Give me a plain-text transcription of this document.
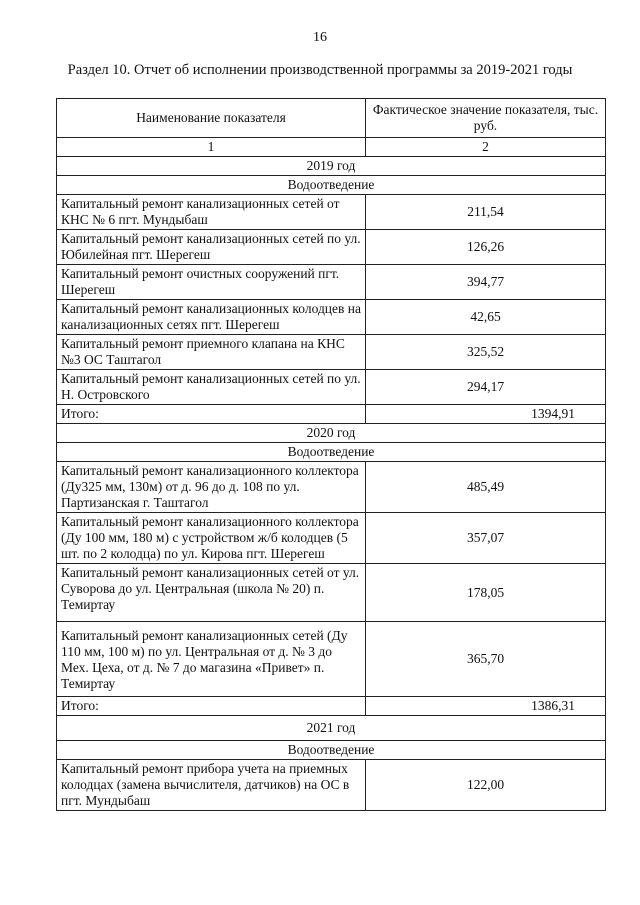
16
Раздел 10. Отчет об исполнении производственной программы за 2019-2021 годы
Наименование показателя	Фактическое значение показателя, тыс. руб.
1	2
2019 год	
Водоотведение	
Капитальный ремонт канализационных сетей от КНС № 6 пгт. Мундыбаш	211,54
Капитальный ремонт канализационных сетей по ул. Юбилейная пгт. Шерегеш	126,26
Капитальный ремонт очистных сооружений пгт. Шерегеш	394,77
Капитальный ремонт канализационных колодцев на канализационных сетях пгт. Шерегеш	42,65
Капитальный ремонт приемного клапана на КНС №3 ОС Таштагол	325,52
Капитальный ремонт канализационных сетей по ул. Н. Островского	294,17
Итого:	1394,91
2020 год	
Водоотведение	
Капитальный ремонт канализационного коллектора (Ду325 мм, 130м) от д. 96 до д. 108 по ул. Партизанская г. Таштагол	485,49
Капитальный ремонт канализационного коллектора (Ду 100 мм, 180 м) с устройством ж/б колодцев (5 шт. по 2 колодца) по ул. Кирова пгт. Шерегеш	357,07
Капитальный ремонт канализационных сетей от ул. Суворова до ул. Центральная (школа № 20) п. Темиртау	178,05
Капитальный ремонт канализационных сетей (Ду 110 мм, 100 м) по ул. Центральная от д. № 3 до Мех. Цеха, от д. № 7 до магазина «Привет» п. Темиртау	365,70
Итого:	1386,31
2021 год	
Водоотведение	
Капитальный ремонт прибора учета на приемных колодцах (замена вычислителя, датчиков) на ОС в пгт. Мундыбаш	122,00
